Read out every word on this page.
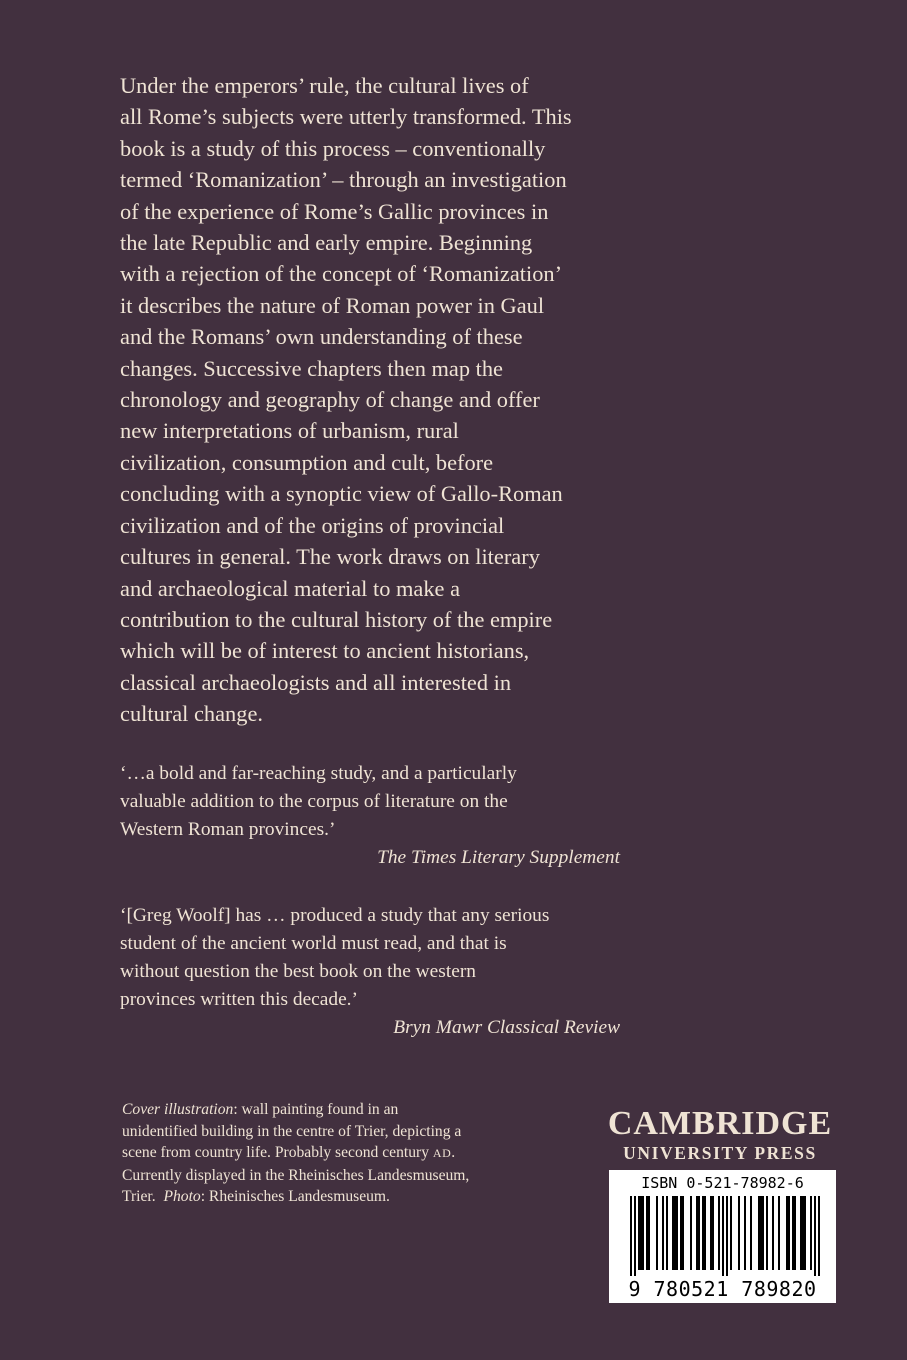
Under the emperors’ rule, the cultural lives of
all Rome’s subjects were utterly transformed. This
book is a study of this process – conventionally
termed ‘Romanization’ – through an investigation
of the experience of Rome’s Gallic provinces in
the late Republic and early empire. Beginning
with a rejection of the concept of ‘Romanization’
it describes the nature of Roman power in Gaul
and the Romans’ own understanding of these
changes. Successive chapters then map the
chronology and geography of change and offer
new interpretations of urbanism, rural
civilization, consumption and cult, before
concluding with a synoptic view of Gallo-Roman
civilization and of the origins of provincial
cultures in general. The work draws on literary
and archaeological material to make a
contribution to the cultural history of the empire
which will be of interest to ancient historians,
classical archaeologists and all interested in
cultural change.
‘…a bold and far-reaching study, and a particularly
valuable addition to the corpus of literature on the
Western Roman provinces.’
The Times Literary Supplement
‘[Greg Woolf] has … produced a study that any serious
student of the ancient world must read, and that is
without question the best book on the western
provinces written this decade.’
Bryn Mawr Classical Review
Cover illustration: wall painting found in an
unidentified building in the centre of Trier, depicting a
scene from country life. Probably second century AD.
Currently displayed in the Rheinisches Landesmuseum,
Trier. Photo: Rheinisches Landesmuseum.
CAMBRIDGE
UNIVERSITY PRESS
ISBN 0-521-78982-6
9 780521 789820
